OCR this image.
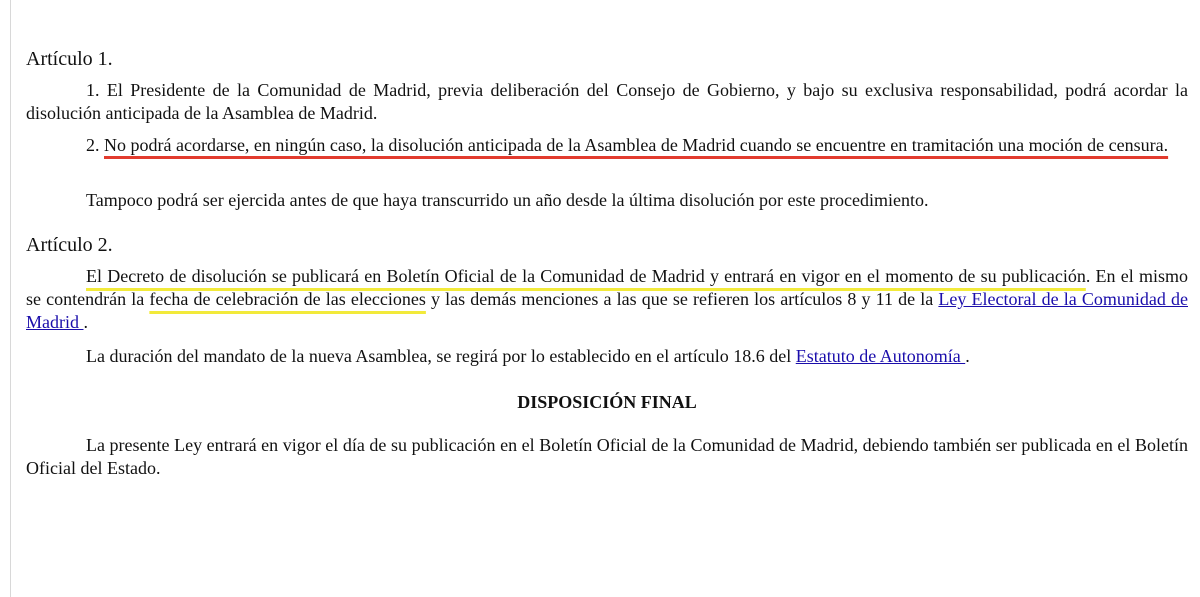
Artículo 1.
1. El Presidente de la Comunidad de Madrid, previa deliberación del Consejo de Gobierno, y bajo su exclusiva responsabilidad, podrá acordar la disolución anticipada de la Asamblea de Madrid.
2. No podrá acordarse, en ningún caso, la disolución anticipada de la Asamblea de Madrid cuando se encuentre en tramitación una moción de censura.
Tampoco podrá ser ejercida antes de que haya transcurrido un año desde la última disolución por este procedimiento.
Artículo 2.
El Decreto de disolución se publicará en Boletín Oficial de la Comunidad de Madrid y entrará en vigor en el momento de su publicación. En el mismo se contendrán la fecha de celebración de las elecciones y las demás menciones a las que se refieren los artículos 8 y 11 de la Ley Electoral de la Comunidad de Madrid .
La duración del mandato de la nueva Asamblea, se regirá por lo establecido en el artículo 18.6 del Estatuto de Autonomía .
DISPOSICIÓN FINAL
La presente Ley entrará en vigor el día de su publicación en el Boletín Oficial de la Comunidad de Madrid, debiendo también ser publicada en el Boletín Oficial del Estado.
